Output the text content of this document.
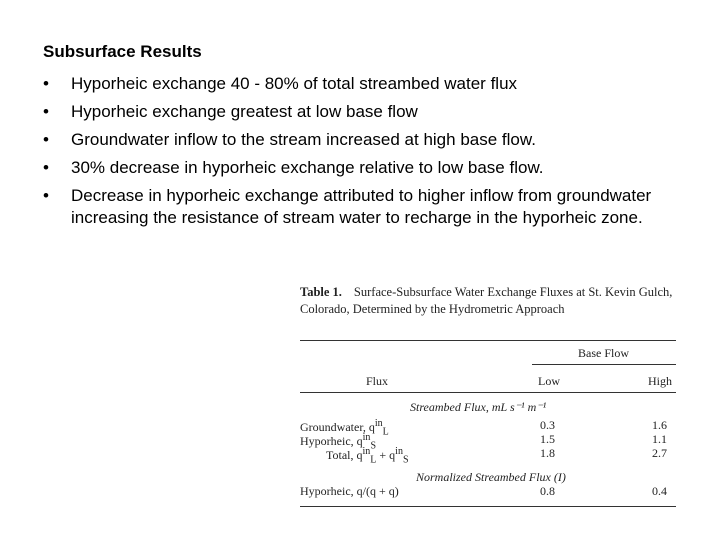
Subsurface Results
• Hyporheic exchange 40 - 80% of total streambed water flux
• Hyporheic exchange greatest at low base flow
• Groundwater inflow to the stream increased at high base flow.
• 30% decrease in hyporheic exchange relative to low base flow.
• Decrease in hyporheic exchange attributed to higher inflow from groundwater increasing the resistance of stream water to recharge in the hyporheic zone.
Table 1. Surface-Subsurface Water Exchange Fluxes at St. Kevin Gulch, Colorado, Determined by the Hydrometric Approach
Base Flow
Flux	Low	High
Streambed Flux, mL s⁻¹ m⁻¹
Groundwater, $q^{in}_L$	0.3	1.6
Hyporheic, $q^{in}_S$	1.5	1.1
Total, $q^{in}_L + q^{in}_S$	1.8	2.7
Normalized Streambed Flux (I)
Hyporheic, q/(q + q)	0.8	0.4
